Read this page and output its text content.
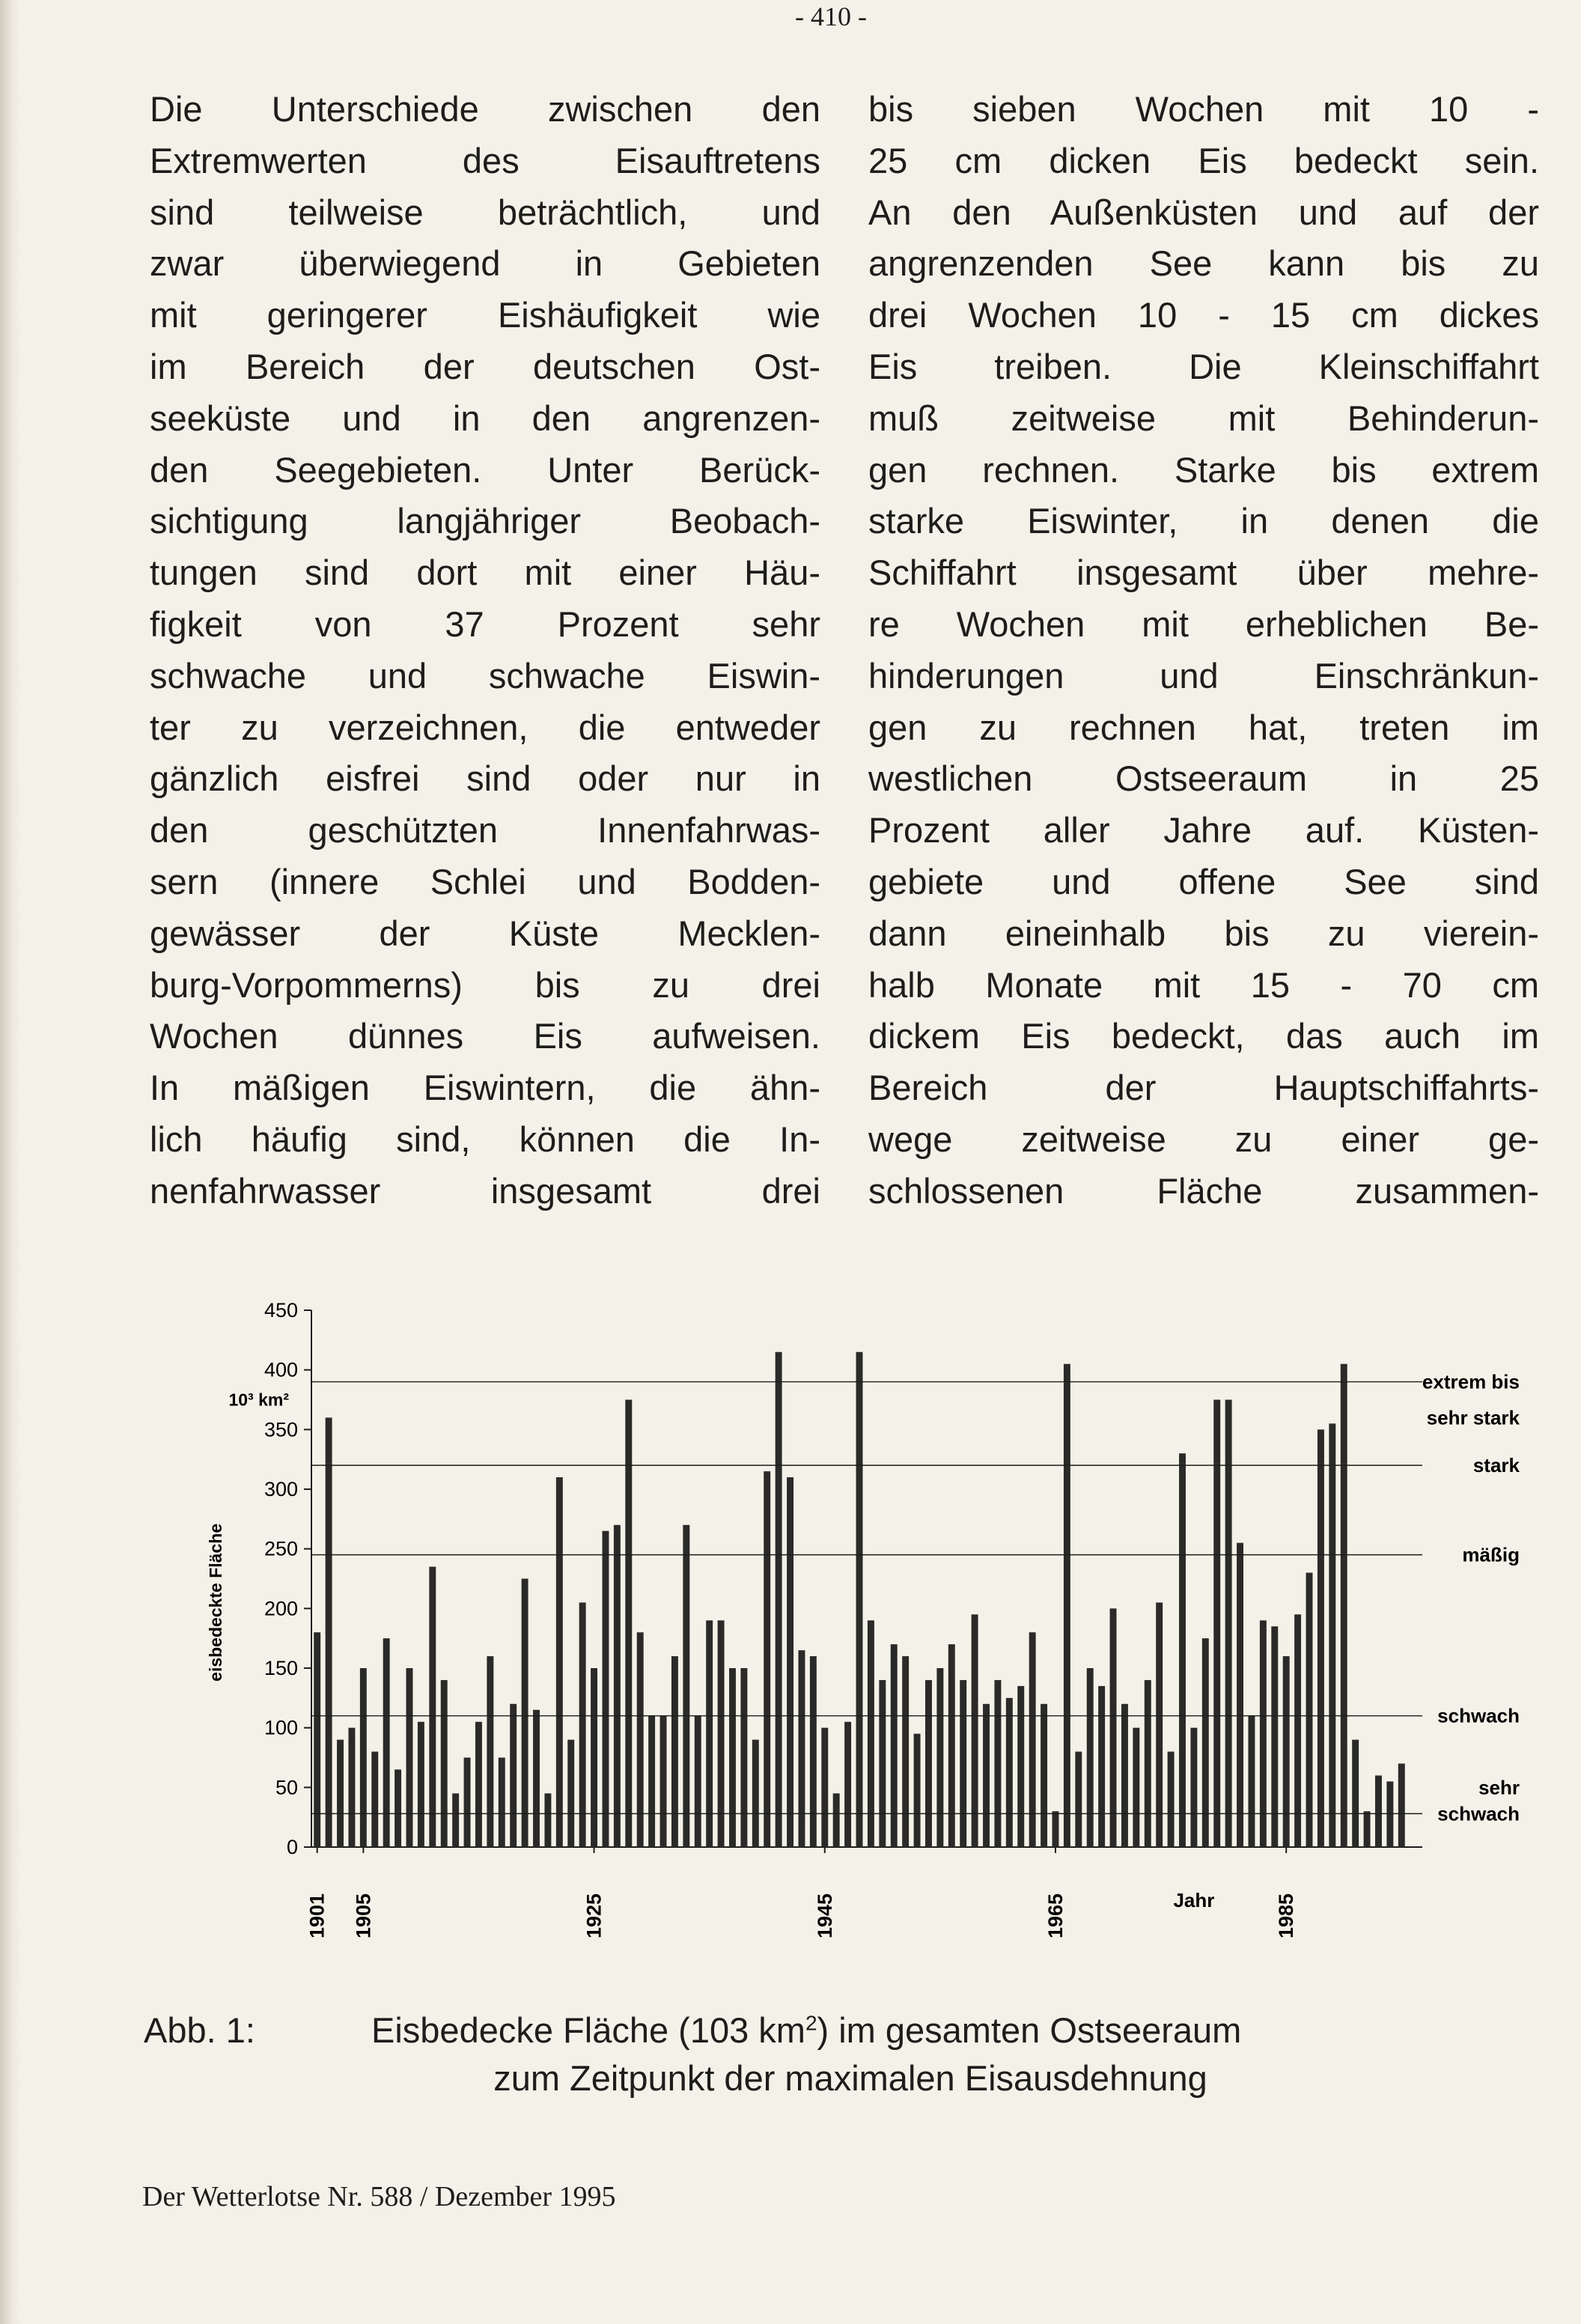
- 410 -
Die Unterschiede zwischen den
Extremwerten des Eisauftretens
sind teilweise beträchtlich, und
zwar überwiegend in Gebieten
mit geringerer Eishäufigkeit wie
im Bereich der deutschen Ost-
seeküste und in den angrenzen-
den Seegebieten. Unter Berück-
sichtigung langjähriger Beobach-
tungen sind dort mit einer Häu-
figkeit von 37 Prozent sehr
schwache und schwache Eiswin-
ter zu verzeichnen, die entweder
gänzlich eisfrei sind oder nur in
den geschützten Innenfahrwas-
sern (innere Schlei und Bodden-
gewässer der Küste Mecklen-
burg-Vorpommerns) bis zu drei
Wochen dünnes Eis aufweisen.
In mäßigen Eiswintern, die ähn-
lich häufig sind, können die In-
nenfahrwasser insgesamt drei
bis sieben Wochen mit 10 -
25 cm dicken Eis bedeckt sein.
An den Außenküsten und auf der
angrenzenden See kann bis zu
drei Wochen 10 - 15 cm dickes
Eis treiben. Die Kleinschiffahrt
muß zeitweise mit Behinderun-
gen rechnen. Starke bis extrem
starke Eiswinter, in denen die
Schiffahrt insgesamt über mehre-
re Wochen mit erheblichen Be-
hinderungen und Einschränkun-
gen zu rechnen hat, treten im
westlichen Ostseeraum in 25
Prozent aller Jahre auf. Küsten-
gebiete und offene See sind
dann eineinhalb bis zu vierein-
halb Monate mit 15 - 70 cm
dickem Eis bedeckt, das auch im
Bereich der Hauptschiffahrts-
wege zeitweise zu einer ge-
schlossenen Fläche zusammen-
0
50
100
150
200
250
300
350
400
450
10³ km²
eisbedeckte Fläche
extrem bis
sehr stark
stark
mäßig
schwach
sehr
schwach
1901 1905	1925	1945	1965	1985
Jahr
Abb. 1:	Eisbedecke Fläche (103 $km^2$) im gesamten Ostseeraum
zum Zeitpunkt der maximalen Eisausdehnung
Der Wetterlotse Nr. 588 / Dezember 1995
